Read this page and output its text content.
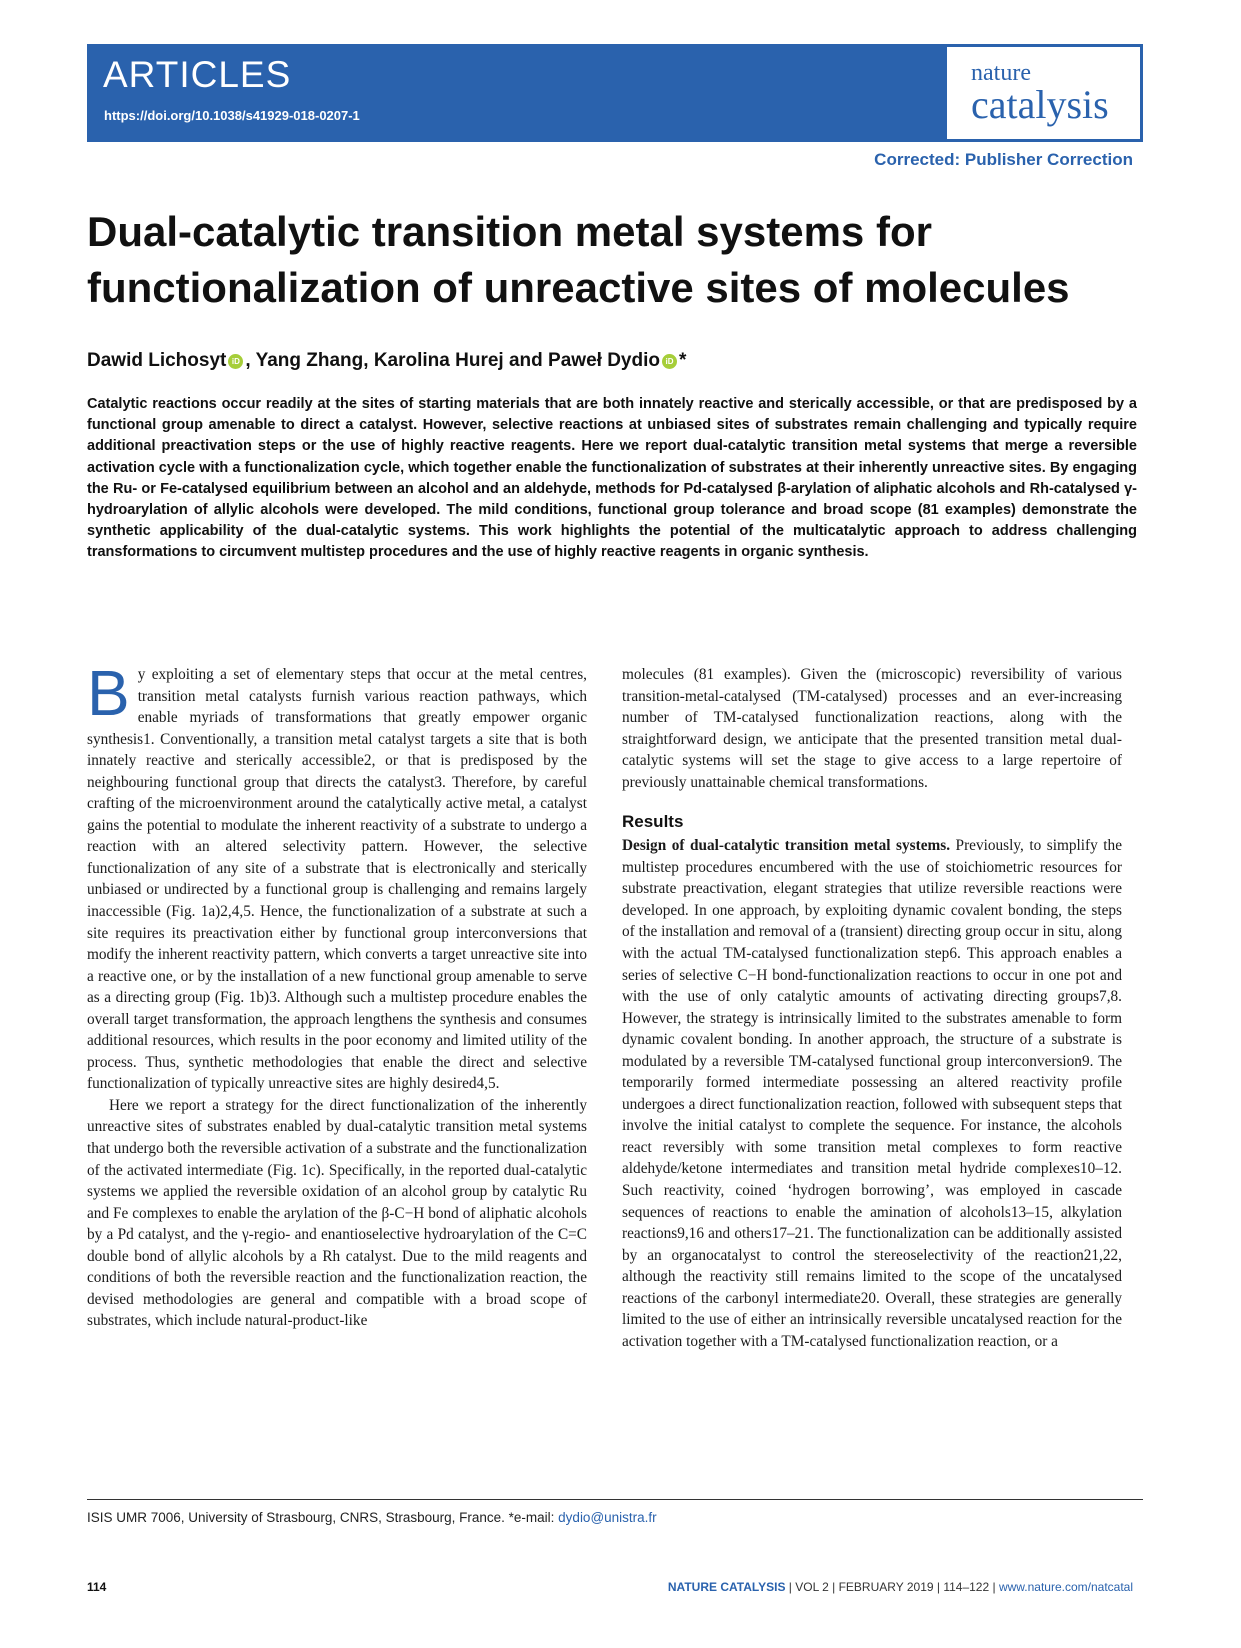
ARTICLES
https://doi.org/10.1038/s41929-018-0207-1
nature
catalysis
Corrected: Publisher Correction
Dual-catalytic transition metal systems for functionalization of unreactive sites of molecules
Dawid Lichosyt iD , Yang Zhang, Karolina Hurej and Paweł Dydio iD *

Catalytic reactions occur readily at the sites of starting materials that are both innately reactive and sterically accessible, or that are predisposed by a functional group amenable to direct a catalyst. However, selective reactions at unbiased sites of substrates remain challenging and typically require additional preactivation steps or the use of highly reactive reagents. Here we report dual-catalytic transition metal systems that merge a reversible activation cycle with a functionalization cycle, which together enable the functionalization of substrates at their inherently unreactive sites. By engaging the Ru- or Fe-catalysed equilibrium between an alcohol and an aldehyde, methods for Pd-catalysed β-arylation of aliphatic alcohols and Rh-catalysed γ-hydroarylation of allylic alcohols were developed. The mild conditions, functional group tolerance and broad scope (81 examples) demonstrate the synthetic applicability of the dual-catalytic systems. This work highlights the potential of the multicatalytic approach to address challenging transformations to circumvent multistep procedures and the use of highly reactive reagents in organic synthesis.

B y exploiting a set of elementary steps that occur at the metal centres, transition metal catalysts furnish various reaction pathways, which enable myriads of transformations that greatly empower organic synthesis1. Conventionally, a transition metal catalyst targets a site that is both innately reactive and sterically accessible2, or that is predisposed by the neighbouring functional group that directs the catalyst3. Therefore, by careful crafting of the microenvironment around the catalytically active metal, a catalyst gains the potential to modulate the inherent reactivity of a substrate to undergo a reaction with an altered selectivity pattern. However, the selective functionalization of any site of a substrate that is electronically and sterically unbiased or undirected by a functional group is challenging and remains largely inaccessible (Fig. 1a)2,4,5. Hence, the functionalization of a substrate at such a site requires its preactivation either by functional group interconversions that modify the inherent reactivity pattern, which converts a target unreactive site into a reactive one, or by the installation of a new functional group amenable to serve as a directing group (Fig. 1b)3. Although such a multistep procedure enables the overall target transformation, the approach lengthens the synthesis and consumes additional resources, which results in the poor economy and limited utility of the process. Thus, synthetic methodologies that enable the direct and selective functionalization of typically unreactive sites are highly desired4,5.

Here we report a strategy for the direct functionalization of the inherently unreactive sites of substrates enabled by dual-catalytic transition metal systems that undergo both the reversible activation of a substrate and the functionalization of the activated intermediate (Fig. 1c). Specifically, in the reported dual-catalytic systems we applied the reversible oxidation of an alcohol group by catalytic Ru and Fe complexes to enable the arylation of the β-C−H bond of aliphatic alcohols by a Pd catalyst, and the γ-regio- and enantioselective hydroarylation of the C=C double bond of allylic alcohols by a Rh catalyst. Due to the mild reagents and conditions of both the reversible reaction and the functionalization reaction, the devised methodologies are general and compatible with a broad scope of substrates, which include natural-product-like

molecules (81 examples). Given the (microscopic) reversibility of various transition-metal-catalysed (TM-catalysed) processes and an ever-increasing number of TM-catalysed functionalization reactions, along with the straightforward design, we anticipate that the presented transition metal dual-catalytic systems will set the stage to give access to a large repertoire of previously unattainable chemical transformations.

Results

Design of dual-catalytic transition metal systems. Previously, to simplify the multistep procedures encumbered with the use of stoichiometric resources for substrate preactivation, elegant strategies that utilize reversible reactions were developed. In one approach, by exploiting dynamic covalent bonding, the steps of the installation and removal of a (transient) directing group occur in situ, along with the actual TM-catalysed functionalization step6. This approach enables a series of selective C−H bond-functionalization reactions to occur in one pot and with the use of only catalytic amounts of activating directing groups7,8. However, the strategy is intrinsically limited to the substrates amenable to form dynamic covalent bonding. In another approach, the structure of a substrate is modulated by a reversible TM-catalysed functional group interconversion9. The temporarily formed intermediate possessing an altered reactivity profile undergoes a direct functionalization reaction, followed with subsequent steps that involve the initial catalyst to complete the sequence. For instance, the alcohols react reversibly with some transition metal complexes to form reactive aldehyde/ketone intermediates and transition metal hydride complexes10–12. Such reactivity, coined ‘hydrogen borrowing’, was employed in cascade sequences of reactions to enable the amination of alcohols13–15, alkylation reactions9,16 and others17–21. The functionalization can be additionally assisted by an organocatalyst to control the stereoselectivity of the reaction21,22, although the reactivity still remains limited to the scope of the uncatalysed reactions of the carbonyl intermediate20. Overall, these strategies are generally limited to the use of either an intrinsically reversible uncatalysed reaction for the activation together with a TM-catalysed functionalization reaction, or a

ISIS UMR 7006, University of Strasbourg, CNRS, Strasbourg, France. *e-mail: dydio@unistra.fr
114	NATURE CATALYSIS | VOL 2 | FEBRUARY 2019 | 114–122 | www.nature.com/natcatal
